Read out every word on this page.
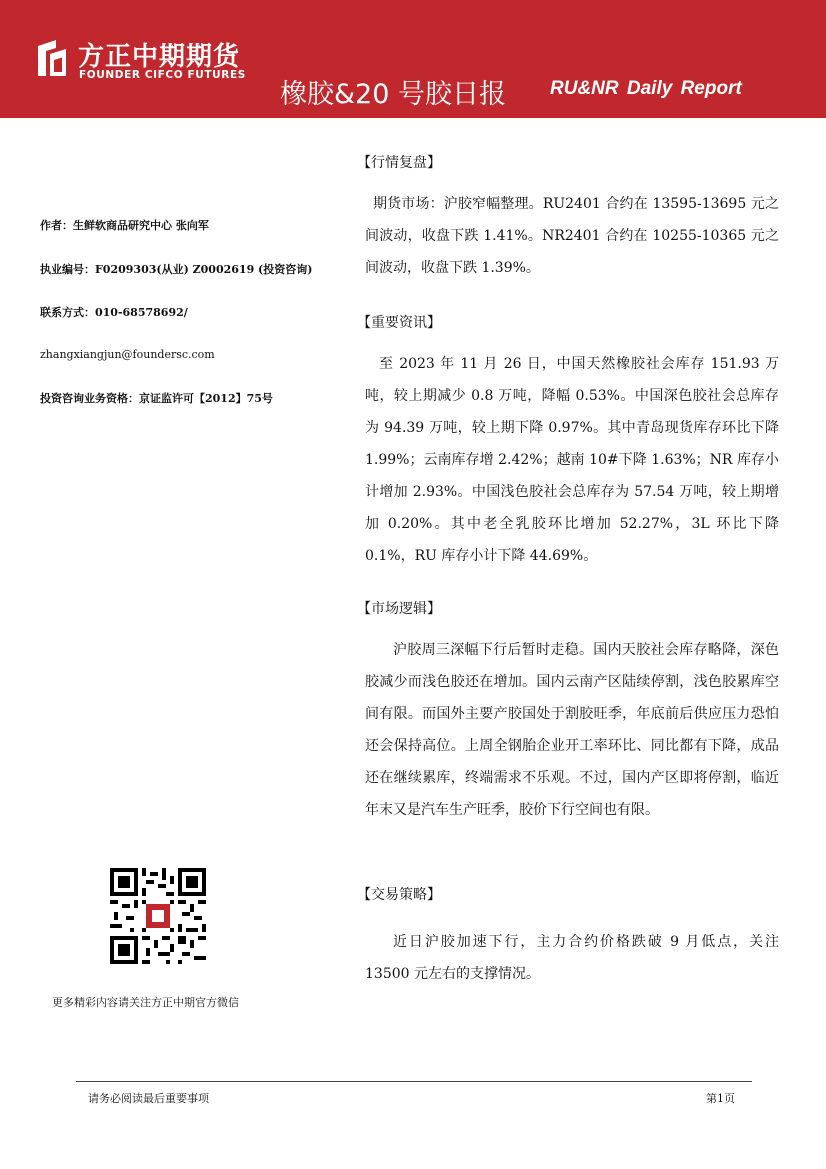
方正中期期货
FOUNDER CIFCO FUTURES
橡胶&20 号胶日报 RU&NR Daily Report
作者：生鲜软商品研究中心 张向军
执业编号：F0209303(从业) Z0002619 (投资咨询)
联系方式：010-68578692/
zhangxiangjun@foundersc.com
投资咨询业务资格：京证监许可【2012】75号
更多精彩内容请关注方正中期官方微信
【行情复盘】
期货市场：沪胶窄幅整理。RU2401 合约在 13595-13695 元之间波动，收盘下跌 1.41%。NR2401 合约在 10255-10365 元之间波动，收盘下跌 1.39%。
【重要资讯】
至 2023 年 11 月 26 日，中国天然橡胶社会库存 151.93 万吨，较上期减少 0.8 万吨，降幅 0.53%。中国深色胶社会总库存为 94.39 万吨，较上期下降 0.97%。其中青岛现货库存环比下降 1.99%；云南库存增 2.42%；越南 10#下降 1.63%；NR 库存小计增加 2.93%。中国浅色胶社会总库存为 57.54 万吨，较上期增加 0.20%。其中老全乳胶环比增加 52.27%，3L 环比下降 0.1%，RU 库存小计下降 44.69%。
【市场逻辑】
沪胶周三深幅下行后暂时走稳。国内天胶社会库存略降，深色胶减少而浅色胶还在增加。国内云南产区陆续停割，浅色胶累库空间有限。而国外主要产胶国处于割胶旺季，年底前后供应压力恐怕还会保持高位。上周全钢胎企业开工率环比、同比都有下降，成品还在继续累库，终端需求不乐观。不过，国内产区即将停割，临近年末又是汽车生产旺季，胶价下行空间也有限。
【交易策略】
近日沪胶加速下行，主力合约价格跌破 9 月低点，关注 13500 元左右的支撑情况。
请务必阅读最后重要事项	第1页
